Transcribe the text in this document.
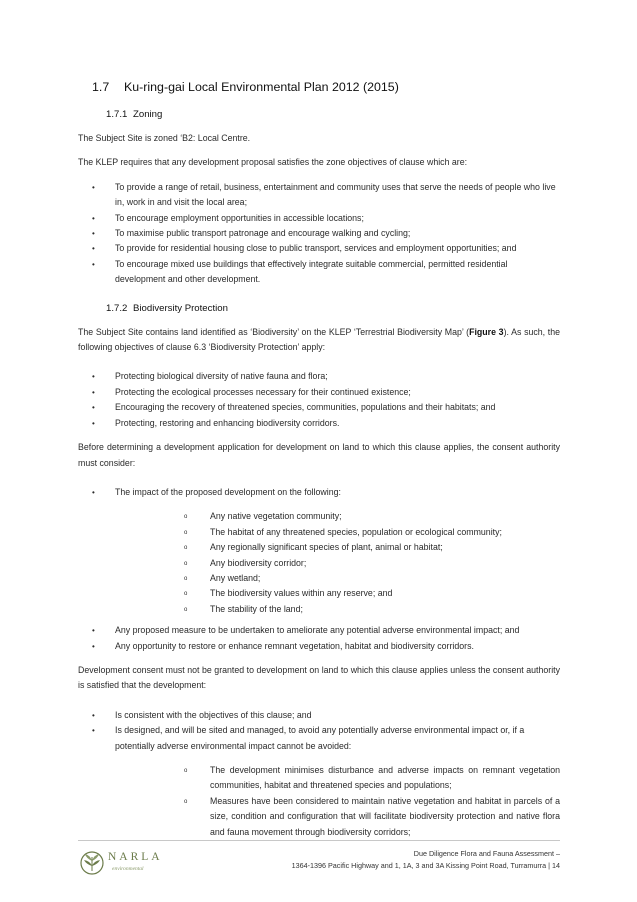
1.7 Ku-ring-gai Local Environmental Plan 2012 (2015)
1.7.1 Zoning

The Subject Site is zoned ‘B2: Local Centre.

The KLEP requires that any development proposal satisfies the zone objectives of clause which are:

• To provide a range of retail, business, entertainment and community uses that serve the needs of people who live in, work in and visit the local area;
• To encourage employment opportunities in accessible locations;
• To maximise public transport patronage and encourage walking and cycling;
• To provide for residential housing close to public transport, services and employment opportunities; and
• To encourage mixed use buildings that effectively integrate suitable commercial, permitted residential development and other development.
1.7.2 Biodiversity Protection

The Subject Site contains land identified as ‘Biodiversity’ on the KLEP ‘Terrestrial Biodiversity Map’ (Figure 3). As such, the following objectives of clause 6.3 ‘Biodiversity Protection’ apply:

• Protecting biological diversity of native fauna and flora;
• Protecting the ecological processes necessary for their continued existence;
• Encouraging the recovery of threatened species, communities, populations and their habitats; and
• Protecting, restoring and enhancing biodiversity corridors.

Before determining a development application for development on land to which this clause applies, the consent authority must consider:

• The impact of the proposed development on the following:
o Any native vegetation community;
o The habitat of any threatened species, population or ecological community;
o Any regionally significant species of plant, animal or habitat;
o Any biodiversity corridor;
o Any wetland;
o The biodiversity values within any reserve; and
o The stability of the land;
• Any proposed measure to be undertaken to ameliorate any potential adverse environmental impact; and
• Any opportunity to restore or enhance remnant vegetation, habitat and biodiversity corridors.

Development consent must not be granted to development on land to which this clause applies unless the consent authority is satisfied that the development:

• Is consistent with the objectives of this clause; and
• Is designed, and will be sited and managed, to avoid any potentially adverse environmental impact or, if a potentially adverse environmental impact cannot be avoided:
o The development minimises disturbance and adverse impacts on remnant vegetation communities, habitat and threatened species and populations;
o Measures have been considered to maintain native vegetation and habitat in parcels of a size, condition and configuration that will facilitate biodiversity protection and native flora and fauna movement through biodiversity corridors;
NARLA
environmental
Due Diligence Flora and Fauna Assessment –
1364-1396 Pacific Highway and 1, 1A, 3 and 3A Kissing Point Road, Turramurra | 14
